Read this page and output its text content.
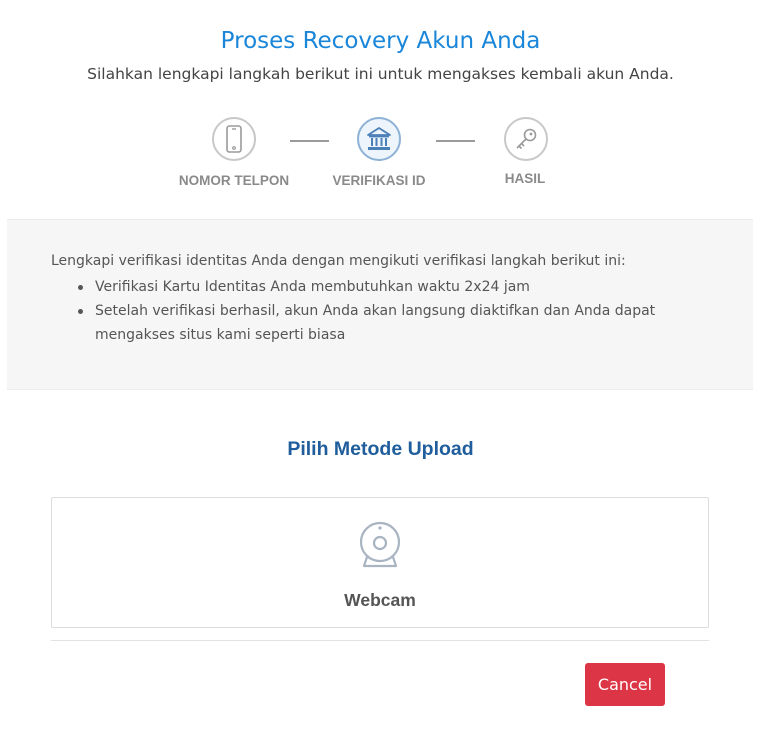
Proses Recovery Akun Anda
Silahkan lengkapi langkah berikut ini untuk mengakses kembali akun Anda.
NOMOR TELPON	VERIFIKASI ID	HASIL
Lengkapi verifikasi identitas Anda dengan mengikuti verifikasi langkah berikut ini:
Verifikasi Kartu Identitas Anda membutuhkan waktu 2x24 jam
Setelah verifikasi berhasil, akun Anda akan langsung diaktifkan dan Anda dapat mengakses situs kami seperti biasa
Pilih Metode Upload
Webcam
Cancel
